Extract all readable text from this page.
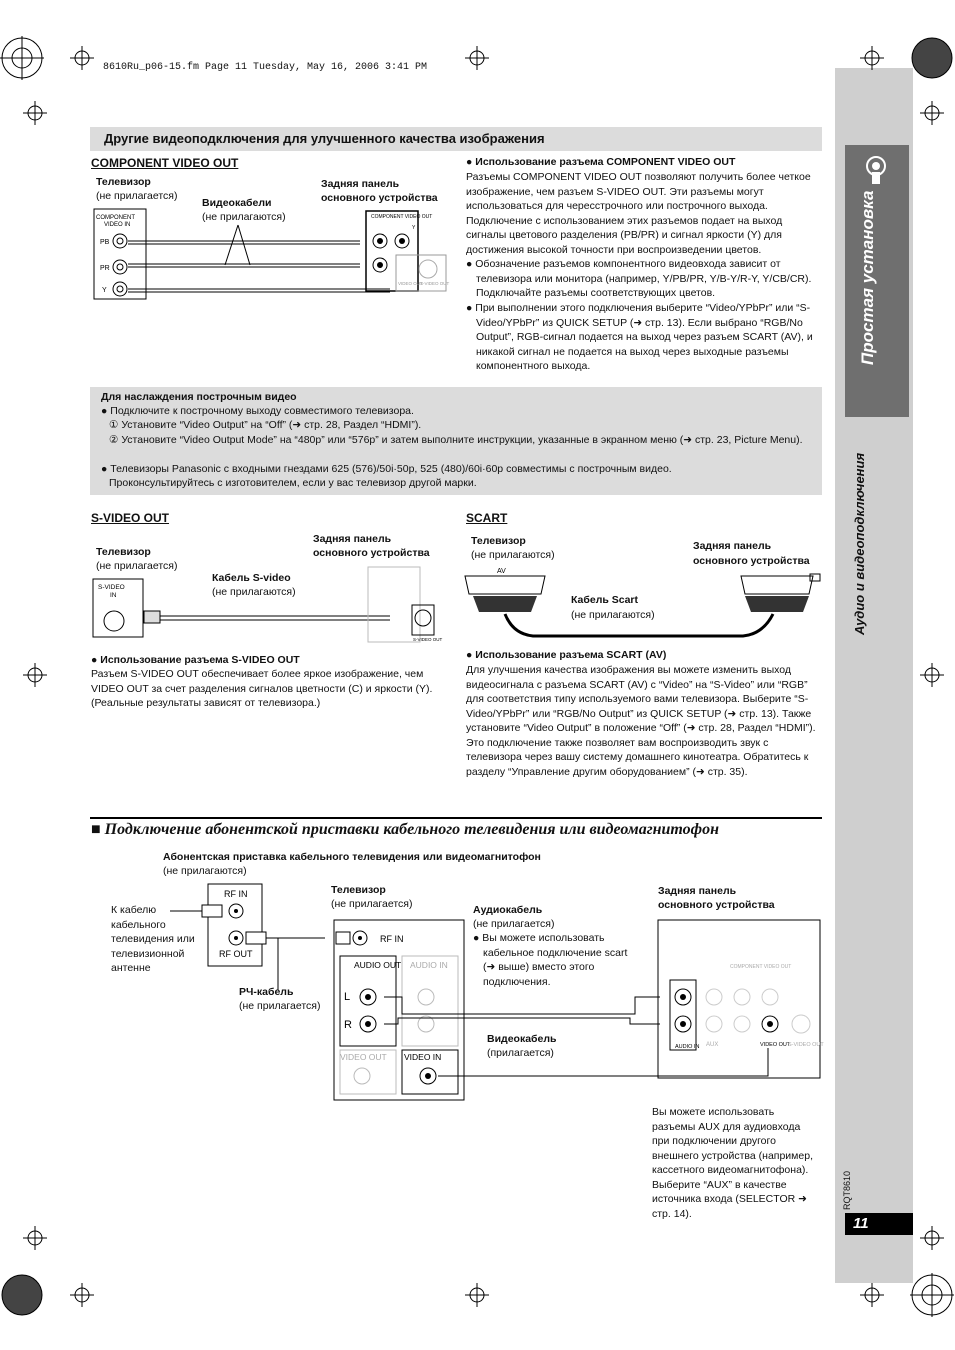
Простая установка
Аудио и видеоподключения
RQT8610
11
8610Ru_p06-15.fm Page 11 Tuesday, May 16, 2006 3:41 PM
Другие видеоподключения для улучшенного качества изображения
COMPONENT VIDEO OUT
Телевизор
(не прилагается)
Видеокабели
(не прилагаются)
Задняя панель
основного устройства
COMPONENT
VIDEO IN
PB
PR
Y
COMPONENT VIDEO OUT
Y
VIDEO OUT
S-VIDEO OUT
● Использование разъема COMPONENT VIDEO OUT
Разъемы COMPONENT VIDEO OUT позволяют получить более четкое изображение, чем разъем S-VIDEO OUT. Эти разъемы могут использоваться для чересстрочного или построчного выхода. Подключение с использованием этих разъемов подает на выход сигналы цветового разделения (PB/PR) и сигнал яркости (Y) для достижения высокой точности при воспроизведении цветов.
● Обозначение разъемов компонентного видеовхода зависит от телевизора или монитора (например, Y/PB/PR, Y/B-Y/R-Y, Y/CB/CR). Подключайте разъемы соответствующих цветов.
● При выполнении этого подключения выберите “Video/YPbPr” или “S-Video/YPbPr” из QUICK SETUP (➜ стр. 13). Если выбрано “RGB/No Output”, RGB-сигнал подается на выход через разъем SCART (AV), и никакой сигнал не подается на выход через выходные разъемы компонентного выхода.
Для наслаждения построчным видео
● Подключите к построчному выходу совместимого телевизора.
① Установите “Video Output” на “Off” (➜ стр. 28, Раздел “HDMI”).
② Установите “Video Output Mode” на “480p” или “576p” и затем выполните инструкции, указанные в экранном меню (➜ стр. 23, Picture Menu).
● Телевизоры Panasonic с входными гнездами 625 (576)/50i·50p, 525 (480)/60i·60p совместимы с построчным видео.
Проконсультируйтесь с изготовителем, если у вас телевизор другой марки.
S-VIDEO OUT
Задняя панель
основного устройства
Телевизор
(не прилагается)
Кабель S-video
(не прилагаются)
S-VIDEO
IN
S-VIDEO OUT
● Использование разъема S-VIDEO OUT
Разъем S-VIDEO OUT обеспечивает более яркое изображение, чем VIDEO OUT за счет разделения сигналов цветности (C) и яркости (Y). (Реальные результаты зависят от телевизора.)
SCART
Телевизор
(не прилагаются)
Задняя панель
основного устройства
Кабель Scart
(не прилагаются)
AV
● Использование разъема SCART (AV)
Для улучшения качества изображения вы можете изменить выход видеосигнала с разъема SCART (AV) с “Video” на “S-Video” или “RGB” для соответствия типу используемого вами телевизора. Выберите “S-Video/YPbPr” или “RGB/No Output” из QUICK SETUP (➜ стр. 13). Также установите “Video Output” в положение “Off” (➜ стр. 28, Раздел “HDMI”). Это подключение также позволяет вам воспроизводить звук с телевизора через вашу систему домашнего кинотеатра. Обратитесь к разделу “Управление другим оборудованием” (➜ стр. 35).
■ Подключение абонентской приставки кабельного телевидения или видеомагнитофон
Абонентская приставка кабельного телевидения или видеомагнитофон
(не прилагаются)
К кабелю кабельного телевидения или телевизионной антенне
РЧ-кабель
(не прилагается)
Телевизор
(не прилагается)	Аудиокабель
(не прилагается)
● Вы можете использовать кабельное подключение scart (➜ выше) вместо этого подключения.
Видеокабель
(прилагается)
Задняя панель
основного устройства
Вы можете использовать разъемы AUX для аудиовхода при подключении другого внешнего устройства (например, кассетного видеомагнитофона). Выберите “AUX” в качестве источника входа (SELECTOR ➜ стр. 14).
RF IN
RF OUT
RF IN
AUDIO OUT AUDIO IN
L
R
VIDEO OUT VIDEO IN
AUDIO IN AUX
COMPONENT VIDEO OUT
VIDEO OUT
S-VIDEO OUT
